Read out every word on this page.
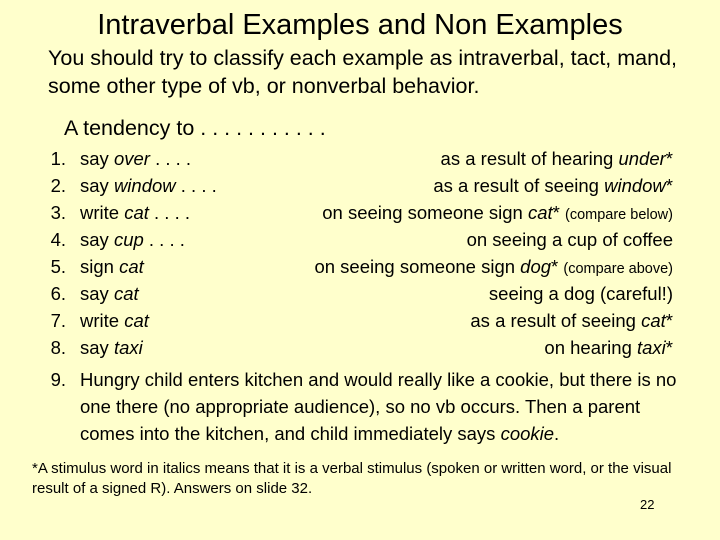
Intraverbal Examples and Non Examples
You should try to classify each example as intraverbal, tact, mand, some other type of vb, or nonverbal behavior.
A tendency to . . . . . . . . . . .
1. say over . . . .	as a result of hearing under*
2. say window . . . .	as a result of seeing window*
3. write cat . . . .	on seeing someone sign cat* (compare below)
4. say cup . . . .	on seeing a cup of coffee
5. sign cat	on seeing someone sign dog* (compare above)
6. say cat	seeing a dog (careful!)
7. write cat	as a result of seeing cat*
8. say taxi	on hearing taxi*
9. Hungry child enters kitchen and would really like a cookie, but there is no one there (no appropriate audience), so no vb occurs. Then a parent comes into the kitchen, and child immediately says cookie.
*A stimulus word in italics means that it is a verbal stimulus (spoken or written word, or the visual result of a signed R). Answers on slide 32.
22
